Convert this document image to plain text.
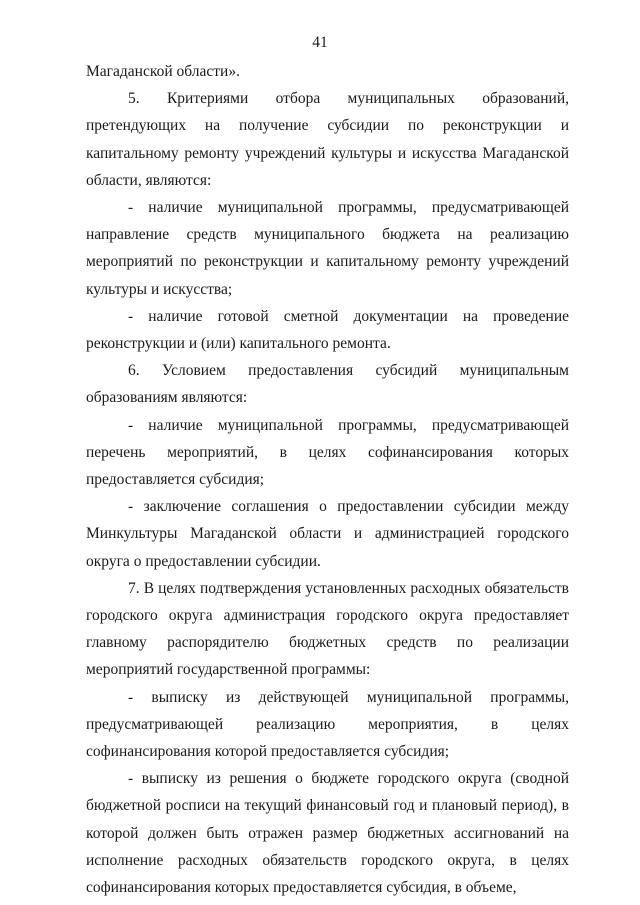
41

Магаданской области».

5. Критериями отбора муниципальных образований, претендующих на получение субсидии по реконструкции и капитальному ремонту учреждений культуры и искусства Магаданской области, являются:

- наличие муниципальной программы, предусматривающей направление средств муниципального бюджета на реализацию мероприятий по реконструкции и капитальному ремонту учреждений культуры и искусства;

- наличие готовой сметной документации на проведение реконструкции и (или) капитального ремонта.

6. Условием предоставления субсидий муниципальным образованиям являются:

- наличие муниципальной программы, предусматривающей перечень мероприятий, в целях софинансирования которых предоставляется субсидия;

- заключение соглашения о предоставлении субсидии между Минкультуры Магаданской области и администрацией городского округа о предоставлении субсидии.

7. В целях подтверждения установленных расходных обязательств городского округа администрация городского округа предоставляет главному распорядителю бюджетных средств по реализации мероприятий государственной программы:

- выписку из действующей муниципальной программы, предусматривающей реализацию мероприятия, в целях софинансирования которой предоставляется субсидия;

- выписку из решения о бюджете городского округа (сводной бюджетной росписи на текущий финансовый год и плановый период), в которой должен быть отражен размер бюджетных ассигнований на исполнение расходных обязательств городского округа, в целях софинансирования которых предоставляется субсидия, в объеме,
